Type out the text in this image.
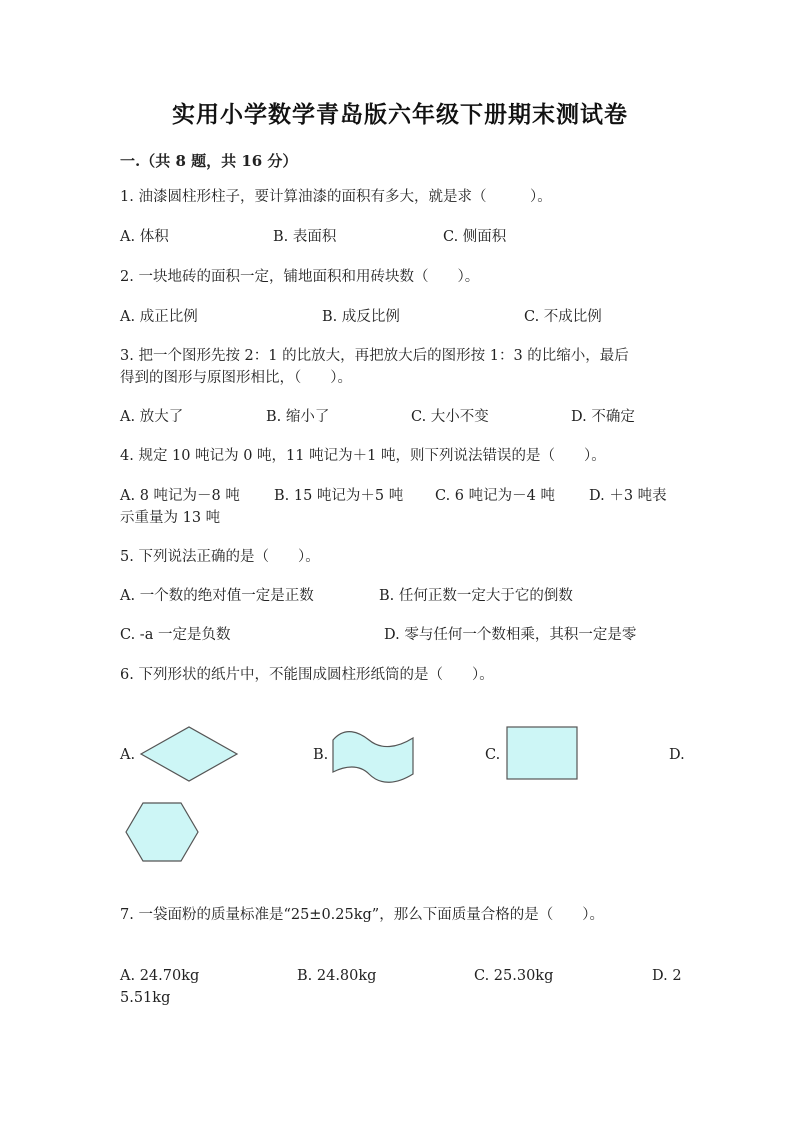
实用小学数学青岛版六年级下册期末测试卷
一.（共 8 题，共 16 分）
1. 油漆圆柱形柱子，要计算油漆的面积有多大，就是求（　　　）。
A. 体积	B. 表面积	C. 侧面积
2. 一块地砖的面积一定，铺地面积和用砖块数（　　）。
A. 成正比例	B. 成反比例	C. 不成比例
3. 把一个图形先按 2：1 的比放大，再把放大后的图形按 1：3 的比缩小，最后
得到的图形与原图形相比，（　　）。
A. 放大了	B. 缩小了	C. 大小不变	D. 不确定
4. 规定 10 吨记为 0 吨，11 吨记为＋1 吨，则下列说法错误的是（　　）。
A. 8 吨记为－8 吨 B. 15 吨记为＋5 吨 C. 6 吨记为－4 吨 D. ＋3 吨表
示重量为 13 吨
5. 下列说法正确的是（　　）。
A. 一个数的绝对值一定是正数	B. 任何正数一定大于它的倒数
C. -a 一定是负数	D. 零与任何一个数相乘，其积一定是零
6. 下列形状的纸片中，不能围成圆柱形纸筒的是（　　）。
A.	B.	C.	D.
7. 一袋面粉的质量标准是“25±0.25kg”，那么下面质量合格的是（　　）。
A. 24.70kg	B. 24.80kg	C. 25.30kg	D. 2
5.51kg
